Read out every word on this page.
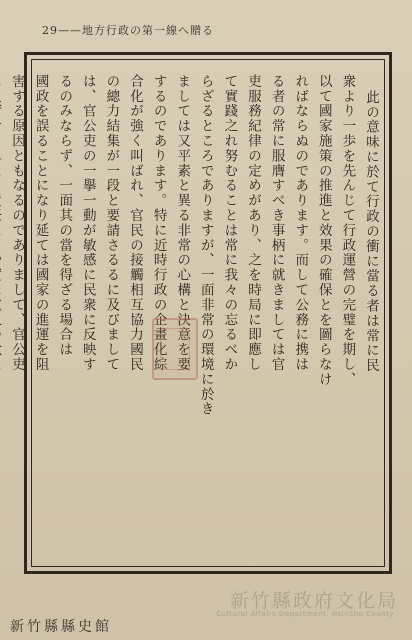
29——地方行政の第一線へ贈る
此の意味に於て行政の衝に當る者は常に民
衆より一歩を先んじて行政運營の完璧を期し、
以て國家施策の推進と效果の確保とを圖らなけ
ればならぬのであります。而して公務に携は
る者の常に服膺すべき事柄に就きましては官
吏服務紀律の定めがあり、之を時局に即應し
て實踐之れ努むることは常に我々の忘るべか
らざるところでありますが、一面非常の環境に於き
ましては又平素と異る非常の心構と決意を要
するのであります。特に近時行政の企畫化綜
合化が強く叫ばれ、官民の接觸相互協力國民
の總力結集が一段と要請さるるに及びまして
は、官公吏の一擧一動が敏感に民衆に反映す
るのみならず、一面其の當を得ざる場合は
國政を誤ることになり延ては國家の進運を阻
害する原因ともなるのでありまして、官公吏
新竹縣政府文化局
Cultural Affairs Department, Hsinchu County
新竹縣縣史館
